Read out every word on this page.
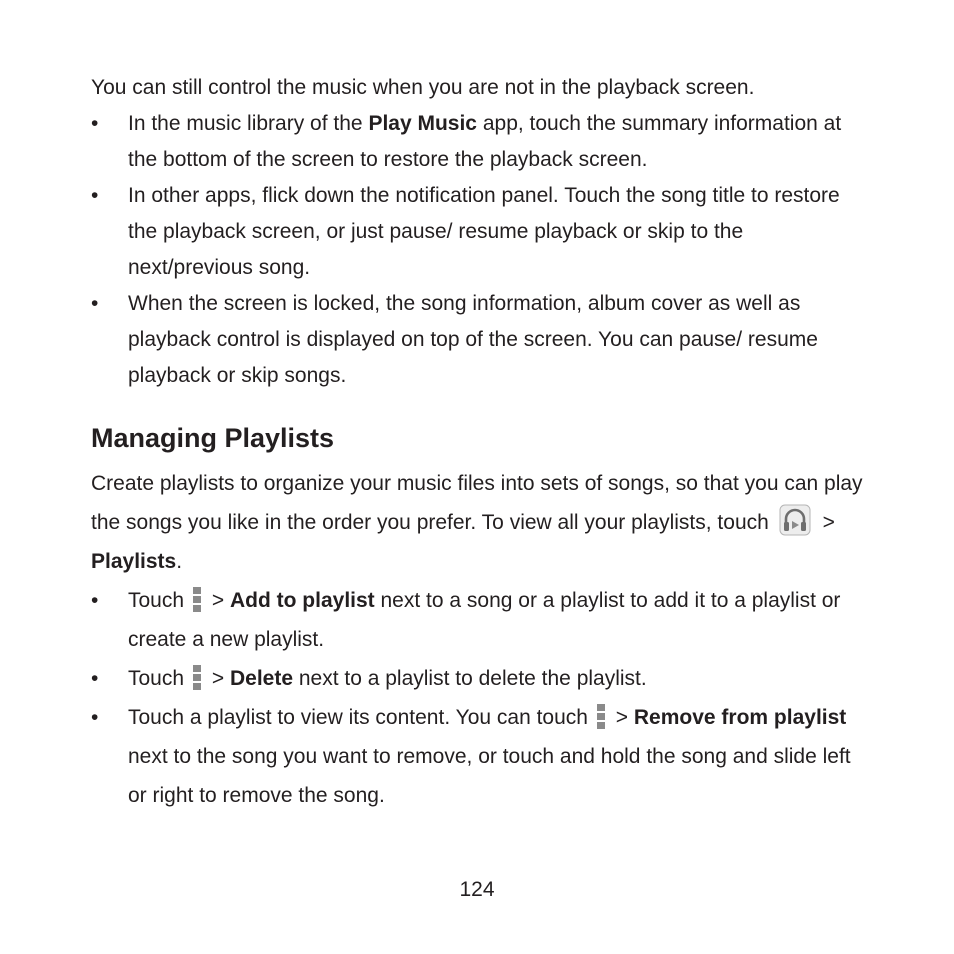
You can still control the music when you are not in the playback screen.

• In the music library of the Play Music app, touch the summary information at the bottom of the screen to restore the playback screen.
• In other apps, flick down the notification panel. Touch the song title to restore the playback screen, or just pause/ resume playback or skip to the next/previous song.
• When the screen is locked, the song information, album cover as well as playback control is displayed on top of the screen. You can pause/ resume playback or skip songs.
Managing Playlists

Create playlists to organize your music files into sets of songs, so that you can play the songs you like in the order you prefer. To view all your playlists, touch > Playlists.

• Touch > Add to playlist next to a song or a playlist to add it to a playlist or create a new playlist.
• Touch > Delete next to a playlist to delete the playlist.
• Touch a playlist to view its content. You can touch > Remove from playlist next to the song you want to remove, or touch and hold the song and slide left or right to remove the song.
124
